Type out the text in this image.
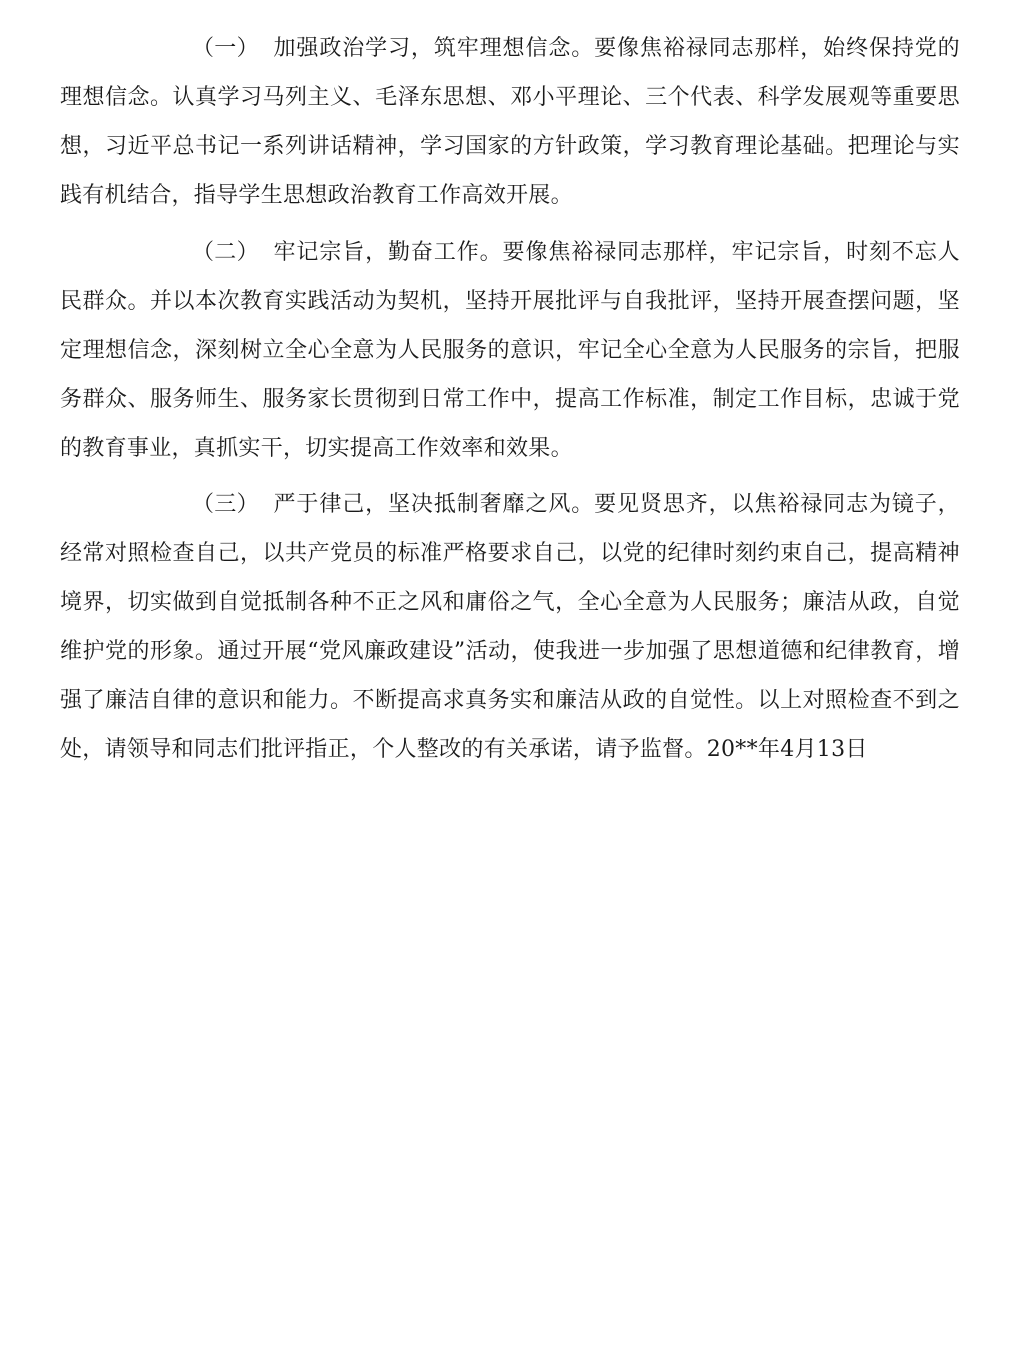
（一） 加强政治学习，筑牢理想信念。要像焦裕禄同志那样，始终保持党的理想信念。认真学习马列主义、毛泽东思想、邓小平理论、三个代表、科学发展观等重要思想，习近平总书记一系列讲话精神，学习国家的方针政策，学习教育理论基础。把理论与实践有机结合，指导学生思想政治教育工作高效开展。

（二） 牢记宗旨，勤奋工作。要像焦裕禄同志那样，牢记宗旨，时刻不忘人民群众。并以本次教育实践活动为契机，坚持开展批评与自我批评，坚持开展查摆问题，坚定理想信念，深刻树立全心全意为人民服务的意识，牢记全心全意为人民服务的宗旨，把服务群众、服务师生、服务家长贯彻到日常工作中，提高工作标准，制定工作目标，忠诚于党的教育事业，真抓实干，切实提高工作效率和效果。

（三） 严于律己，坚决抵制奢靡之风。要见贤思齐，以焦裕禄同志为镜子，经常对照检查自己，以共产党员的标准严格要求自己，以党的纪律时刻约束自己，提高精神境界，切实做到自觉抵制各种不正之风和庸俗之气，全心全意为人民服务；廉洁从政，自觉维护党的形象。通过开展“党风廉政建设”活动，使我进一步加强了思想道德和纪律教育，增强了廉洁自律的意识和能力。不断提高求真务实和廉洁从政的自觉性。以上对照检查不到之处，请领导和同志们批评指正，个人整改的有关承诺，请予监督。20**年4月13日
